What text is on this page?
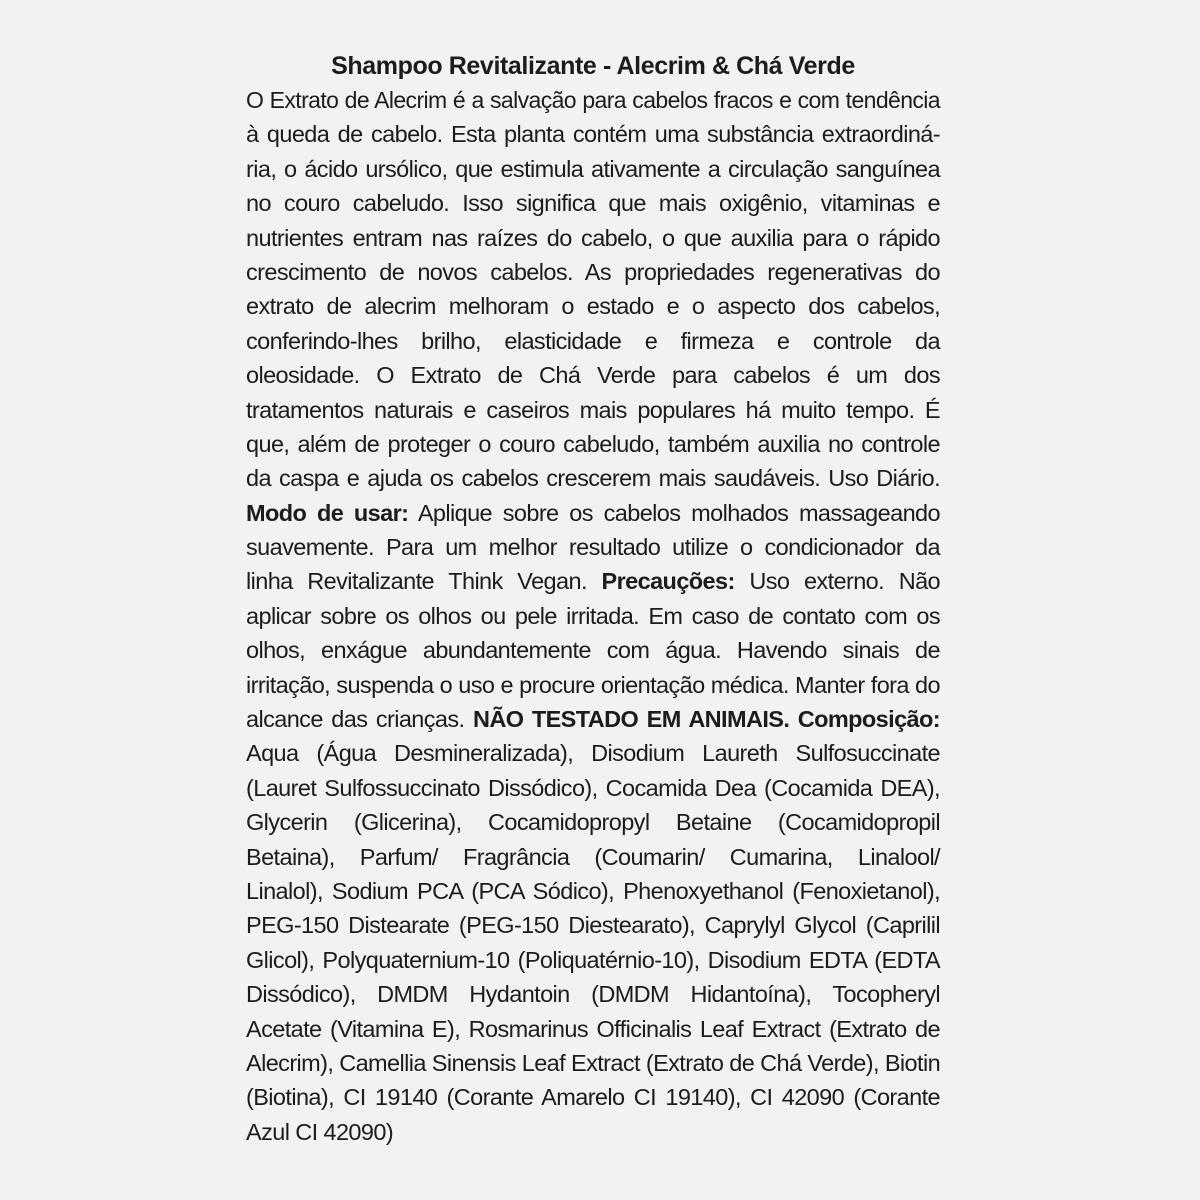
Shampoo Revitalizante - Alecrim & Chá Verde
O Extrato de Alecrim é a salvação para cabelos fracos e com tendência
à queda de cabelo. Esta planta contém uma substância extraordiná-
ria, o ácido ursólico, que estimula ativamente a circulação sanguínea
no couro cabeludo. Isso significa que mais oxigênio, vitaminas e
nutrientes entram nas raízes do cabelo, o que auxilia para o rápido
crescimento de novos cabelos. As propriedades regenerativas do
extrato de alecrim melhoram o estado e o aspecto dos cabelos,
conferindo-lhes brilho, elasticidade e firmeza e controle da
oleosidade. O Extrato de Chá Verde para cabelos é um dos
tratamentos naturais e caseiros mais populares há muito tempo. É
que, além de proteger o couro cabeludo, também auxilia no controle
da caspa e ajuda os cabelos crescerem mais saudáveis. Uso Diário.
Modo de usar: Aplique sobre os cabelos molhados massageando
suavemente. Para um melhor resultado utilize o condicionador da
linha Revitalizante Think Vegan. Precauções: Uso externo. Não
aplicar sobre os olhos ou pele irritada. Em caso de contato com os
olhos, enxágue abundantemente com água. Havendo sinais de
irritação, suspenda o uso e procure orientação médica. Manter fora do
alcance das crianças. NÃO TESTADO EM ANIMAIS. Composição:
Aqua (Água Desmineralizada), Disodium Laureth Sulfosuccinate
(Lauret Sulfossuccinato Dissódico), Cocamida Dea (Cocamida DEA),
Glycerin (Glicerina), Cocamidopropyl Betaine (Cocamidopropil
Betaina), Parfum/ Fragrância (Coumarin/ Cumarina, Linalool/
Linalol), Sodium PCA (PCA Sódico), Phenoxyethanol (Fenoxietanol),
PEG-150 Distearate (PEG-150 Diestearato), Caprylyl Glycol (Caprilil
Glicol), Polyquaternium-10 (Poliquatérnio-10), Disodium EDTA (EDTA
Dissódico), DMDM Hydantoin (DMDM Hidantoína), Tocopheryl
Acetate (Vitamina E), Rosmarinus Officinalis Leaf Extract (Extrato de
Alecrim), Camellia Sinensis Leaf Extract (Extrato de Chá Verde), Biotin
(Biotina), CI 19140 (Corante Amarelo CI 19140), CI 42090 (Corante
Azul CI 42090)
